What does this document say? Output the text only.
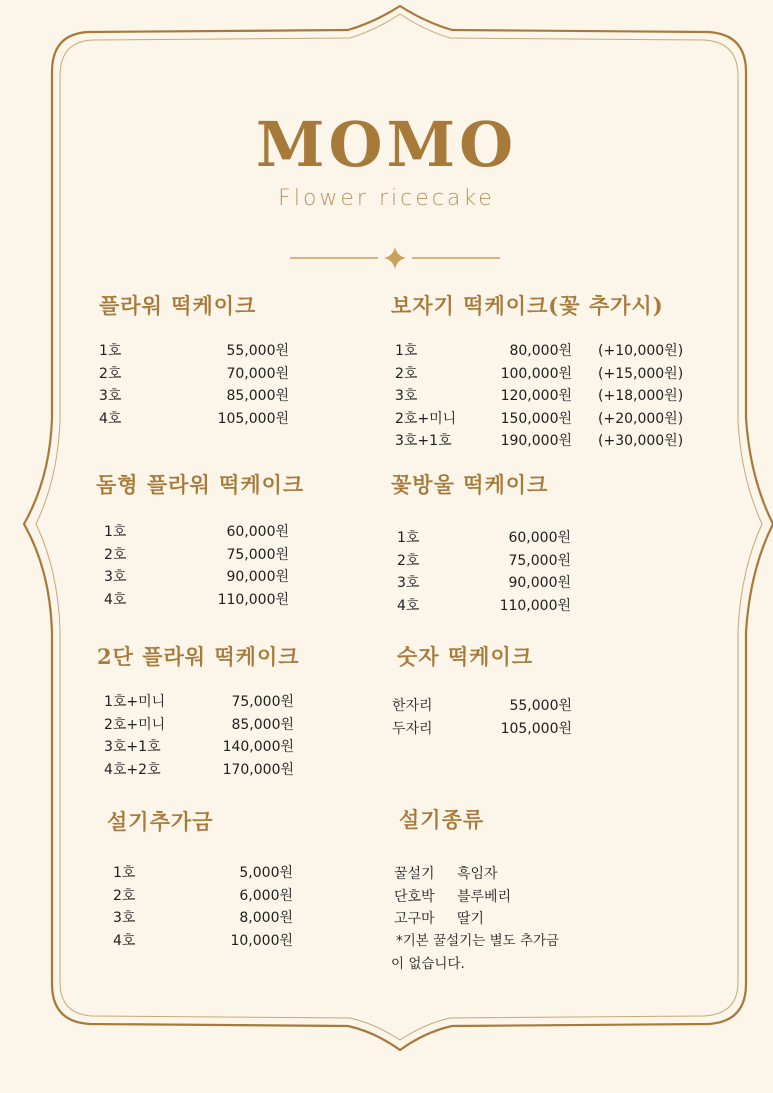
MOMO
Flower ricecake
플라워 떡케이크
1호	55,000원
2호	70,000원
3호	85,000원
4호	105,000원
보자기 떡케이크(꽃 추가시)
1호	80,000원 (+10,000원)
2호	100,000원 (+15,000원)
3호	120,000원 (+18,000원)
2호+미니	150,000원 (+20,000원)
3호+1호	190,000원 (+30,000원)
돔형 플라워 떡케이크
1호	60,000원
2호	75,000원
3호	90,000원
4호	110,000원
꽃방울 떡케이크
1호	60,000원
2호	75,000원
3호	90,000원
4호	110,000원
2단 플라워 떡케이크
1호+미니	75,000원
2호+미니	85,000원
3호+1호	140,000원
4호+2호	170,000원
숫자 떡케이크
한자리	55,000원
두자리	105,000원
설기추가금
1호	5,000원
2호	6,000원
3호	8,000원
4호	10,000원
설기종류
꿀설기 흑임자
단호박 블루베리
고구마 딸기
*기본 꿀설기는 별도 추가금
이 없습니다.
